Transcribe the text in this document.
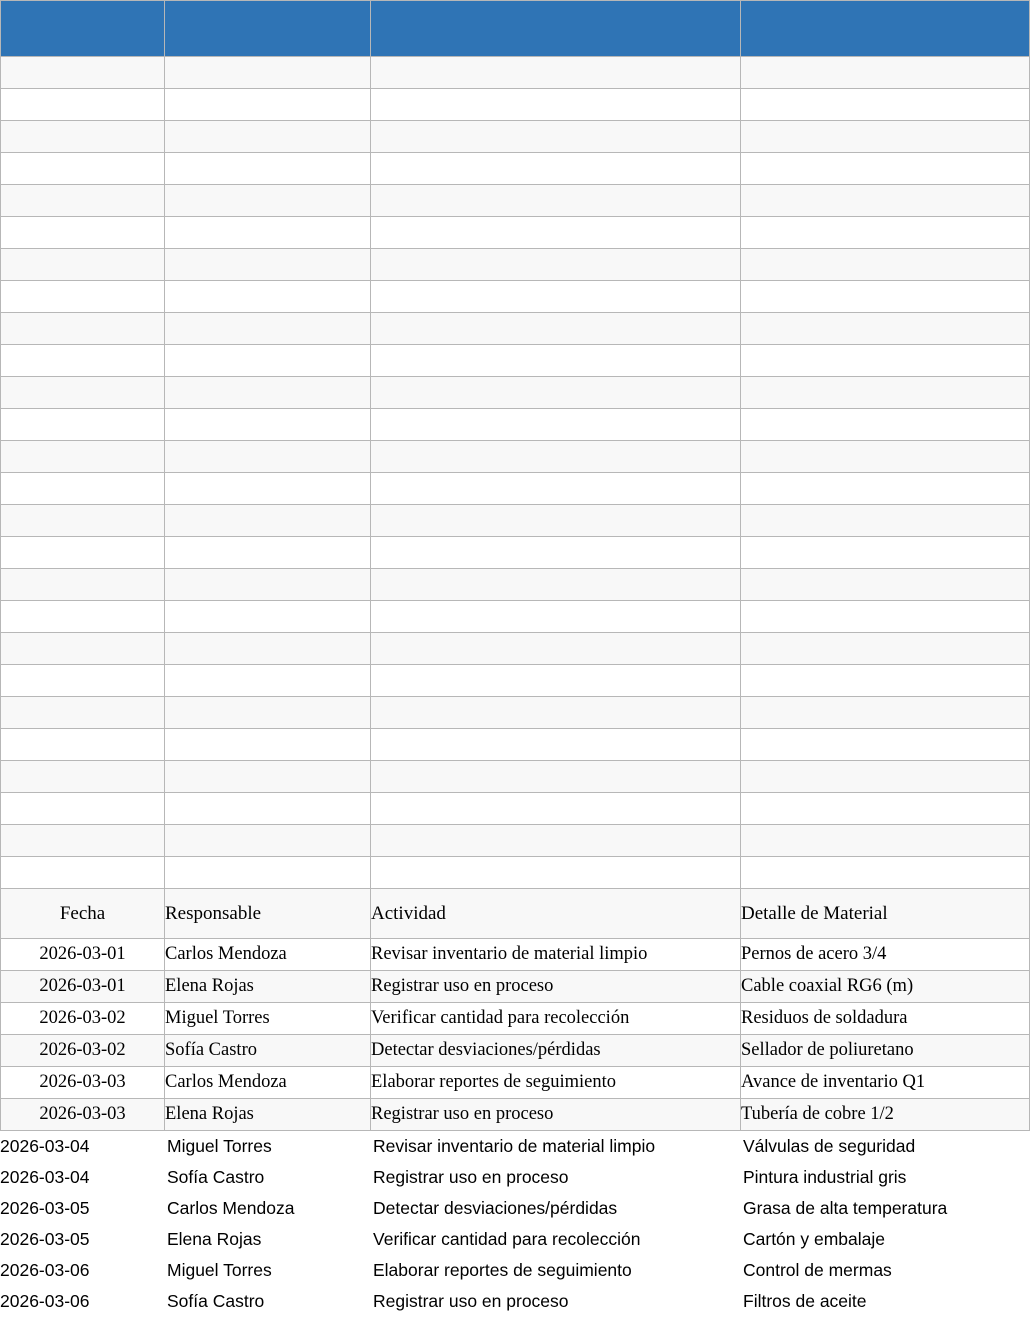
Fecha	Responsable	Actividad	Detalle de Material
2026-03-01	Carlos Mendoza	Revisar inventario de material limpio	Pernos de acero 3/4
2026-03-01	Elena Rojas	Registrar uso en proceso	Cable coaxial RG6 (m)
2026-03-02	Miguel Torres	Verificar cantidad para recolección	Residuos de soldadura
2026-03-02	Sofía Castro	Detectar desviaciones/pérdidas	Sellador de poliuretano
2026-03-03	Carlos Mendoza	Elaborar reportes de seguimiento	Avance de inventario Q1
2026-03-03	Elena Rojas	Registrar uso en proceso	Tubería de cobre 1/2
2026-03-04	Miguel Torres	Revisar inventario de material limpio	Válvulas de seguridad
2026-03-04	Sofía Castro	Registrar uso en proceso	Pintura industrial gris
2026-03-05	Carlos Mendoza	Detectar desviaciones/pérdidas	Grasa de alta temperatura
2026-03-05	Elena Rojas	Verificar cantidad para recolección	Cartón y embalaje
2026-03-06	Miguel Torres	Elaborar reportes de seguimiento	Control de mermas
2026-03-06	Sofía Castro	Registrar uso en proceso	Filtros de aceite
